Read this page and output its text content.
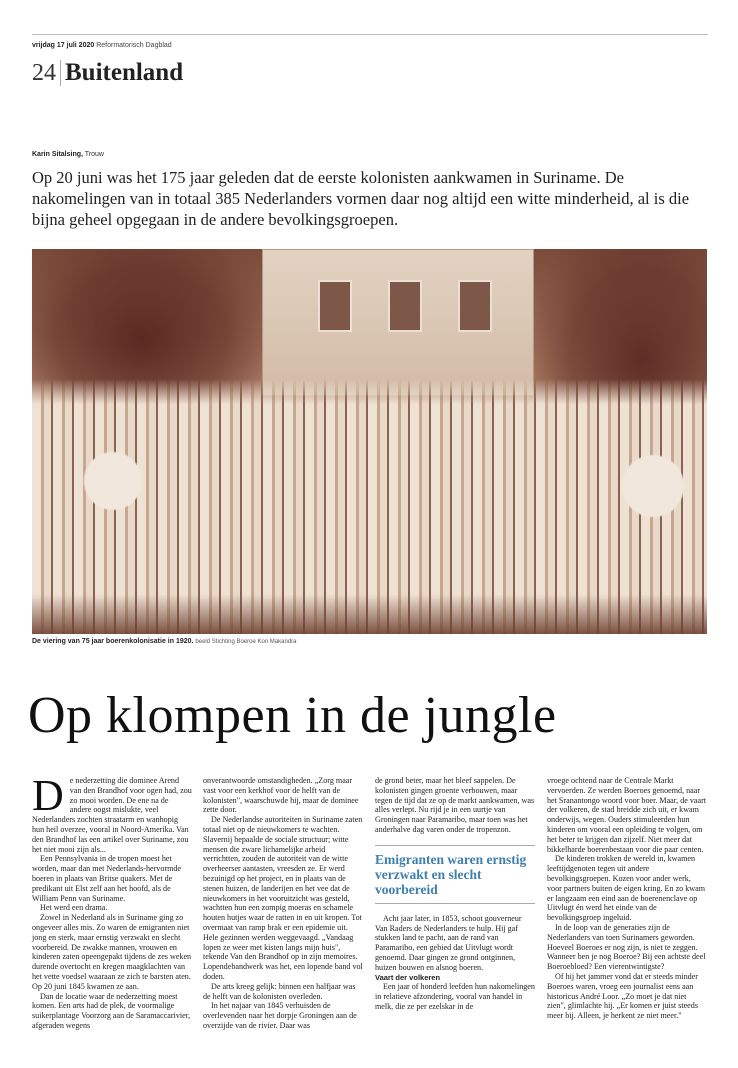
vrijdag 17 juli 2020 Reformatorisch Dagblad
24 Buitenland
Karin Sitalsing, Trouw
Op 20 juni was het 175 jaar geleden dat de eerste kolonisten aankwamen in Suriname. De nakomelingen van in totaal 385 Nederlanders vormen daar nog altijd een witte minderheid, al is die bijna geheel opgegaan in de andere bevolkingsgroepen.
De viering van 75 jaar boerenkolonisatie in 1920. beeld Stichting Boeroe Kon Makandra
Op klompen in de jungle
D e nederzetting die dominee Arend van den Brandhof voor ogen had, zou zo mooi worden. De ene na de andere oogst mislukte, veel Nederlanders zochten straatarm en wanhopig hun heil overzee, vooral in Noord-Amerika. Van den Brandhof las een artikel over Suriname, zou het niet mooi zijn als...

Een Pennsylvania in de tropen moest het worden, maar dan met Nederlands-hervormde boeren in plaats van Britse quakers. Met de predikant uit Elst zelf aan het hoofd, als de William Penn van Suriname.

Het werd een drama.

Zowel in Nederland als in Suriname ging zo ongeveer alles mis. Zo waren de emigranten niet jong en sterk, maar ernstig verzwakt en slecht voorbereid. De zwakke mannen, vrouwen en kinderen zaten opeengepakt tijdens de zes weken durende overtocht en kregen maagklachten van het vette voedsel waaraan ze zich te barsten aten. Op 20 juni 1845 kwamen ze aan.

Dan de locatie waar de nederzetting moest komen. Een arts had de plek, de voormalige suikerplantage Voorzorg aan de Saramaccarivier, afgeraden wegens

onverantwoorde omstandigheden. „Zorg maar vast voor een kerkhof voor de helft van de kolonisten", waarschuwde hij, maar de dominee zette door.

De Nederlandse autoriteiten in Suriname zaten totaal niet op de nieuwkomers te wachten. Slavernij bepaalde de sociale structuur; witte mensen die zware lichamelijke arbeid verrichtten, zouden de autoriteit van de witte overheerser aantasten, vreesden ze. Er werd bezuinigd op het project, en in plaats van de stenen huizen, de landerijen en het vee dat de nieuwkomers in het vooruitzicht was gesteld, wachtten hun een zompig moeras en schamele houten hutjes waar de ratten in en uit kropen. Tot overmaat van ramp brak er een epidemie uit. Hele gezinnen werden weggevaagd. „Vandaag lopen ze weer met kisten langs mijn huis", tekende Van den Brandhof op in zijn memoires. Lopendebandwerk was het, een lopende band vol doden.

De arts kreeg gelijk: binnen een halfjaar was de helft van de kolonisten overleden.

In het najaar van 1845 verhuisden de overlevenden naar het dorpje Groningen aan de overzijde van de rivier. Daar was

de grond beter, maar het bleef sappelen. De kolonisten gingen groente verbouwen, maar tegen de tijd dat ze op de markt aankwamen, was alles verlept. Nu rijd je in een uurtje van Groningen naar Paramaribo, maar toen was het anderhalve dag varen onder de tropenzon.

Emigranten waren ernstig verzwakt en slecht voorbereid

Acht jaar later, in 1853, schoot gouverneur Van Raders de Nederlanders te hulp. Hij gaf stukken land te pacht, aan de rand van Paramaribo, een gebied dat Uitvlugt wordt genoemd. Daar gingen ze grond ontginnen, huizen bouwen en alsnog boeren.

Vaart der volkeren

Een jaar of honderd leefden hun nakomelingen in relatieve afzondering, vooral van handel in melk, die ze per ezelskar in de

vroege ochtend naar de Centrale Markt vervoerden. Ze werden Boeroes genoemd, naar het Sranantongo woord voor boer. Maar, de vaart der volkeren, de stad breidde zich uit, er kwam onderwijs, wegen. Ouders stimuleerden hun kinderen om vooral een opleiding te volgen, om het beter te krijgen dan zijzelf. Niet meer dat bikkelharde boerenbestaan voor die paar centen.

De kinderen trokken de wereld in, kwamen leeftijdgenoten tegen uit andere bevolkingsgroepen. Kozen voor ander werk, voor partners buiten de eigen kring. En zo kwam er langzaam een eind aan de boerenenclave op Uitvlugt én werd het einde van de bevolkingsgroep ingeluid.

In de loop van de generaties zijn de Nederlanders van toen Surinamers geworden. Hoeveel Boeroes er nog zijn, is niet te zeggen. Wanneer ben je nog Boeroe? Bij een achtste deel Boeroebloed? Een vierentwintigste?

Of hij het jammer vond dat er steeds minder Boeroes waren, vroeg een journalist eens aan historicus André Loor. „Zo moet je dat niet zien", glimlachte hij. „Er komen er juist steeds meer bij. Alleen, je herkent ze niet meer."
